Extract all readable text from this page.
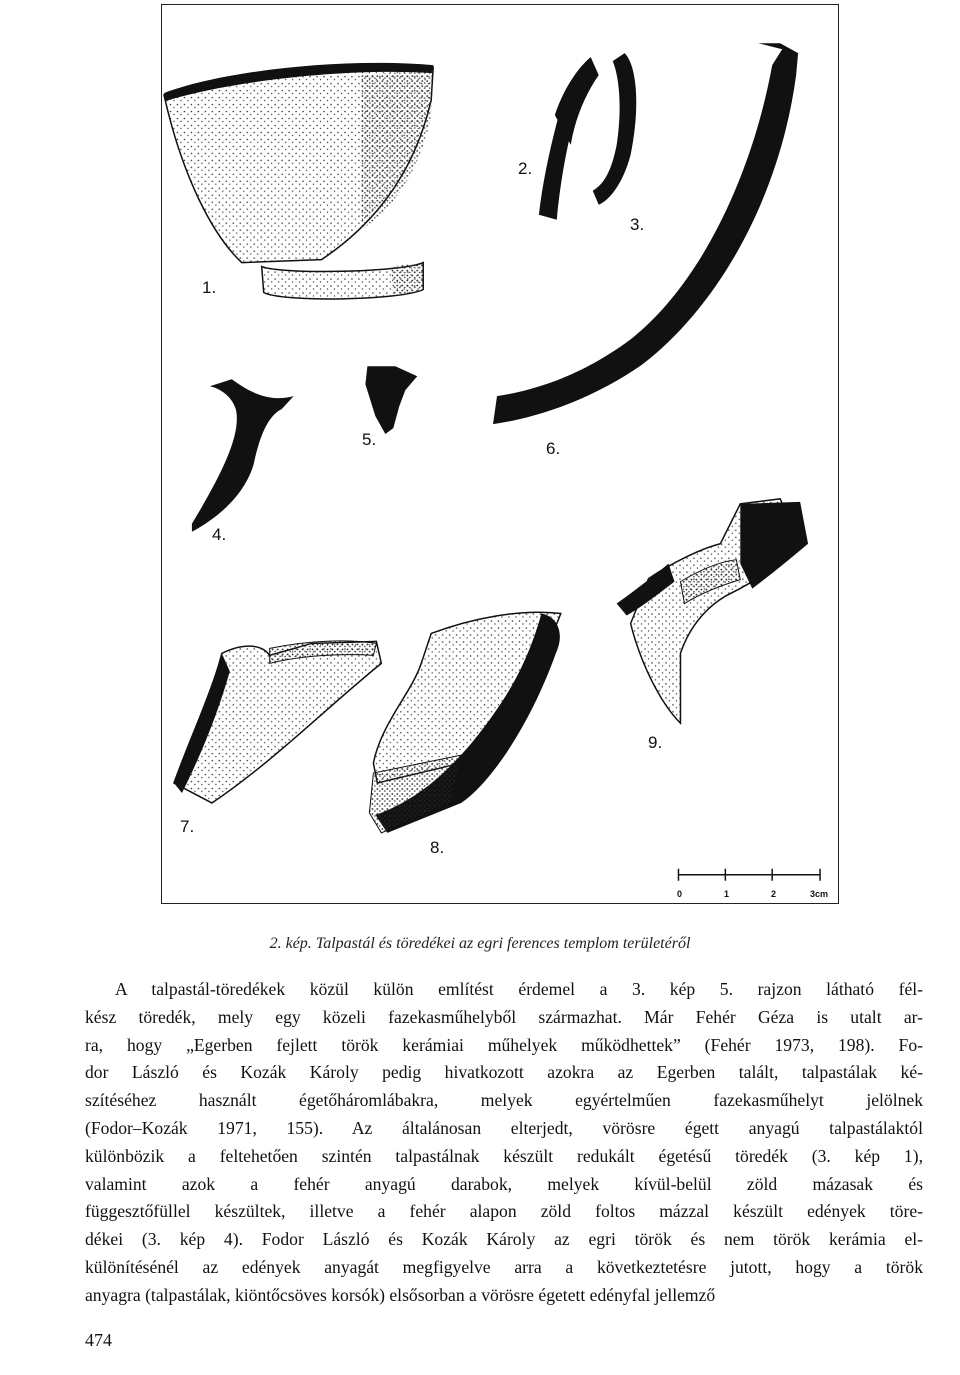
1.
2.
3.
4.
5.	6.
7.
8.
9.
0	1	2	3cm
2. kép. Talpastál és töredékei az egri ferences templom területéről
A talpastál-töredékek közül külön említést érdemel a 3. kép 5. rajzon látható fél-
kész töredék, mely egy közeli fazekasműhelyből származhat. Már Fehér Géza is utalt ar-
ra, hogy „Egerben fejlett török kerámiai műhelyek működhettek” (Fehér 1973, 198). Fo-
dor László és Kozák Károly pedig hivatkozott azokra az Egerben talált, talpastálak ké-
szítéséhez használt égetőháromlábakra, melyek egyértelműen fazekasműhelyt jelölnek
(Fodor–Kozák 1971, 155). Az általánosan elterjedt, vörösre égett anyagú talpastálaktól
különbözik a feltehetően szintén talpastálnak készült redukált égetésű töredék (3. kép 1),
valamint azok a fehér anyagú darabok, melyek kívül-belül zöld mázasak és
függesztőfüllel készültek, illetve a fehér alapon zöld foltos mázzal készült edények töre-
dékei (3. kép 4). Fodor László és Kozák Károly az egri török és nem török kerámia el-
különítésénél az edények anyagát megfigyelve arra a következtetésre jutott, hogy a török
anyagra (talpastálak, kiöntőcsöves korsók) elsősorban a vörösre égetett edényfal jellemző
474
